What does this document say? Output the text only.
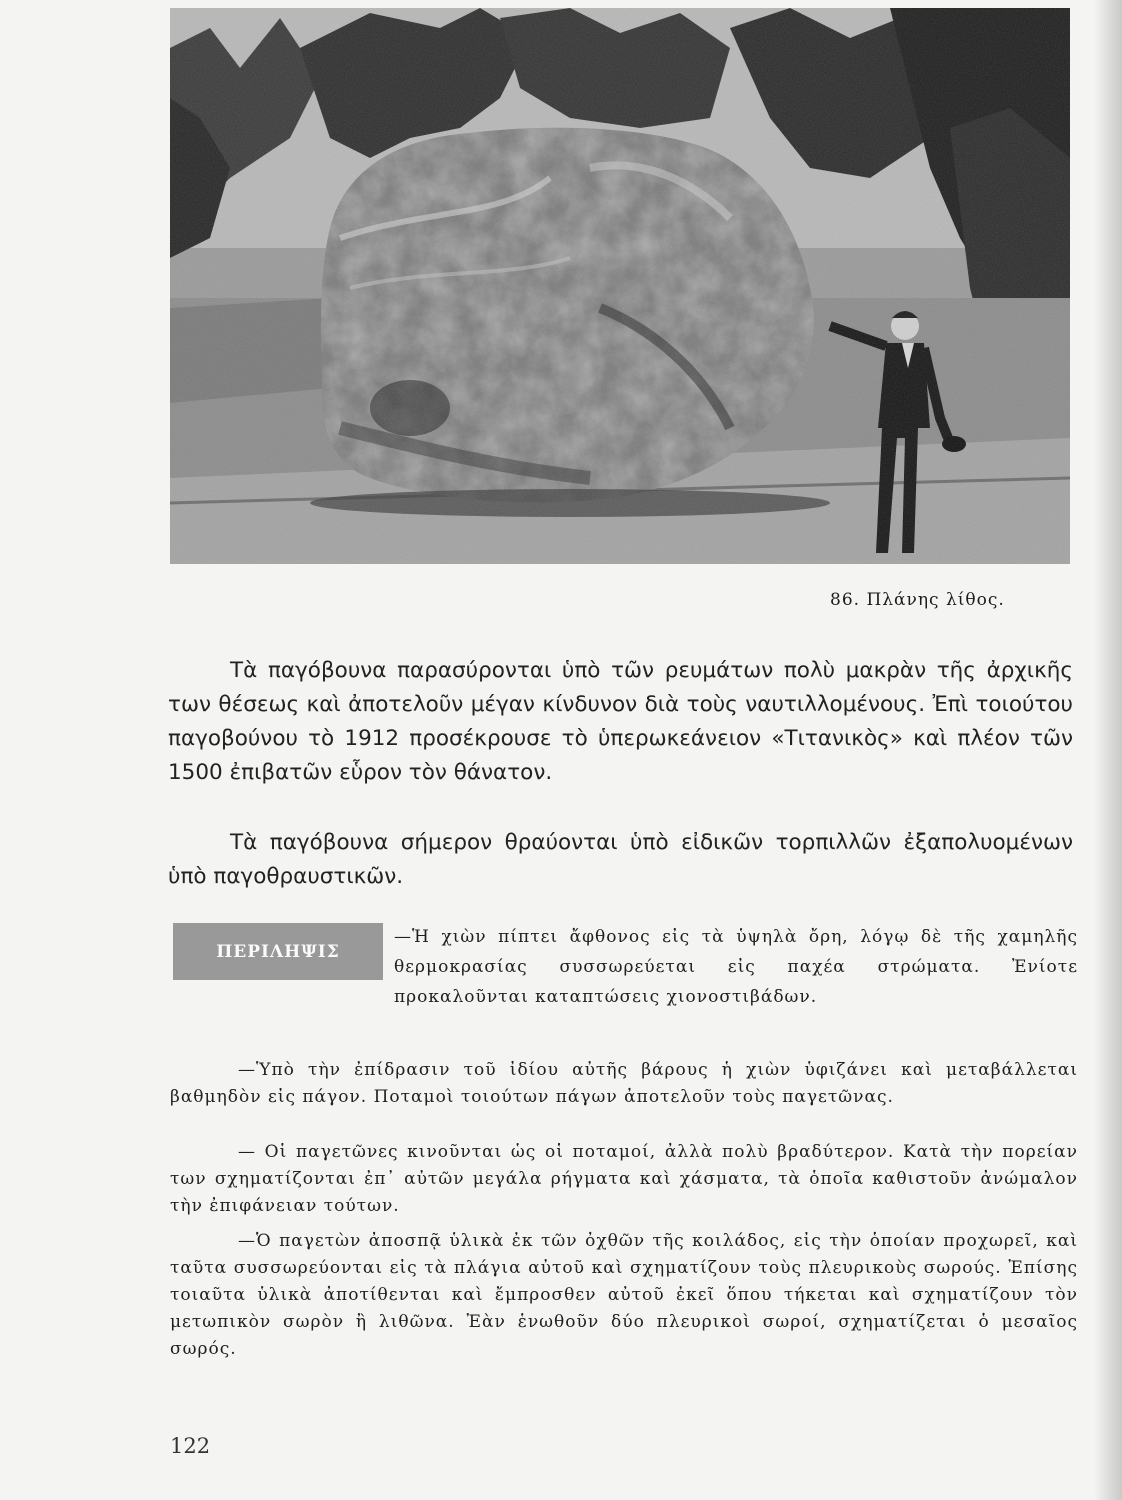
86. Πλάνης λίθος.

Τὰ παγόβουνα παρασύρονται ὑπὸ τῶν ρευμάτων πολὺ μακρὰν τῆς ἀρχικῆς των θέσεως καὶ ἀποτελοῦν μέγαν κίνδυνον διὰ τοὺς ναυτιλλομένους. Ἐπὶ τοιούτου παγοβούνου τὸ 1912 προσέκρουσε τὸ ὑπερωκεάνειον «Τιτανικὸς» καὶ πλέον τῶν 1500 ἐπιβατῶν εὗρον τὸν θάνατον.

Τὰ παγόβουνα σήμερον θραύονται ὑπὸ εἰδικῶν τορπιλλῶν ἐξαπολυομένων ὑπὸ παγοθραυστικῶν.

ΠΕΡΙΛΗΨΙΣ

—Ἡ χιὼν πίπτει ἄφθονος εἰς τὰ ὑψηλὰ ὄρη, λόγῳ δὲ τῆς χαμηλῆς θερμοκρασίας συσσωρεύεται εἰς παχέα στρώματα. Ἐνίοτε προκαλοῦνται καταπτώσεις χιονοστιβάδων.

—Ὑπὸ τὴν ἐπίδρασιν τοῦ ἰδίου αὐτῆς βάρους ἡ χιὼν ὑφιζάνει καὶ μεταβάλλεται βαθμηδὸν εἰς πάγον. Ποταμοὶ τοιούτων πάγων ἀποτελοῦν τοὺς παγετῶνας.

— Οἱ παγετῶνες κινοῦνται ὡς οἱ ποταμοί, ἀλλὰ πολὺ βραδύτερον. Κατὰ τὴν πορείαν των σχηματίζονται ἐπ᾽ αὐτῶν μεγάλα ρήγματα καὶ χάσματα, τὰ ὁποῖα καθιστοῦν ἀνώμαλον τὴν ἐπιφάνειαν τούτων.

—Ὁ παγετὼν ἀποσπᾷ ὑλικὰ ἐκ τῶν ὀχθῶν τῆς κοιλάδος, εἰς τὴν ὁποίαν προχωρεῖ, καὶ ταῦτα συσσωρεύονται εἰς τὰ πλάγια αὐτοῦ καὶ σχηματίζουν τοὺς πλευρικοὺς σωρούς. Ἐπίσης τοιαῦτα ὑλικὰ ἀποτίθενται καὶ ἔμπροσθεν αὐτοῦ ἐκεῖ ὅπου τήκεται καὶ σχηματίζουν τὸν μετωπικὸν σωρὸν ἢ λιθῶνα. Ἐὰν ἑνωθοῦν δύο πλευρικοὶ σωροί, σχηματίζεται ὁ μεσαῖος σωρός.

122
